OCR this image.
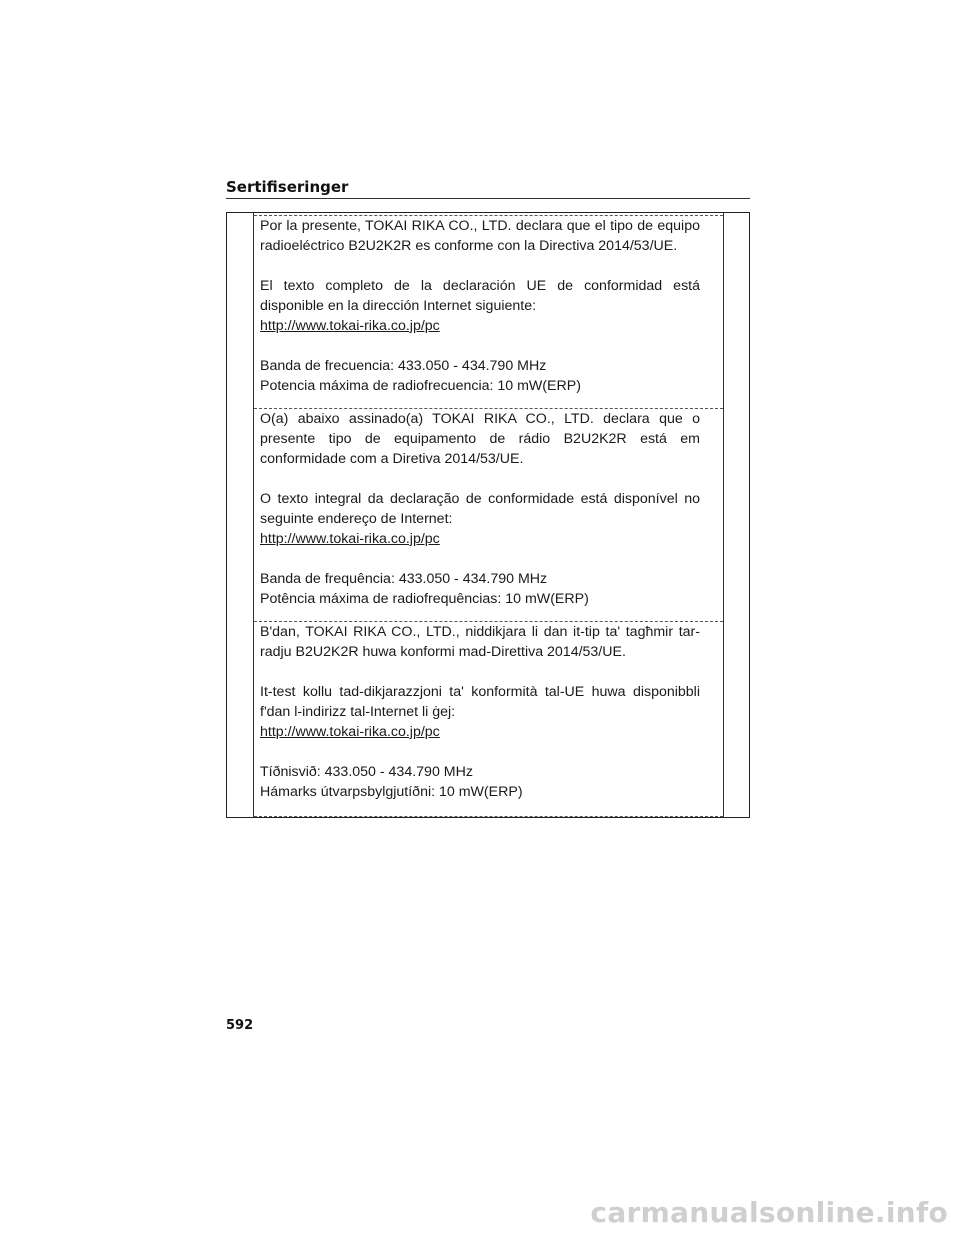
Sertifiseringer

Por la presente, TOKAI RIKA CO., LTD. declara que el tipo de equipo radioeléctrico B2U2K2R es conforme con la Directiva 2014/53/UE.

El texto completo de la declaración UE de conformidad está disponible en la dirección Internet siguiente:

http://www.tokai-rika.co.jp/pc

Banda de frecuencia: 433.050 - 434.790 MHz

Potencia máxima de radiofrecuencia: 10 mW(ERP)

O(a) abaixo assinado(a) TOKAI RIKA CO., LTD. declara que o presente tipo de equipamento de rádio B2U2K2R está em conformidade com a Diretiva 2014/53/UE.

O texto integral da declaração de conformidade está disponível no seguinte endereço de Internet:

http://www.tokai-rika.co.jp/pc

Banda de frequência: 433.050 - 434.790 MHz

Potência máxima de radiofrequências: 10 mW(ERP)

B'dan, TOKAI RIKA CO., LTD., niddikjara li dan it-tip ta' tagħmir tar-radju B2U2K2R huwa konformi mad-Direttiva 2014/53/UE.

It-test kollu tad-dikjarazzjoni ta' konformità tal-UE huwa disponibbli f'dan l-indirizz tal-Internet li ġej:

http://www.tokai-rika.co.jp/pc

Tíðnisvið: 433.050 - 434.790 MHz

Hámarks útvarpsbylgjutíðni: 10 mW(ERP)

592
carmanualsonline.info
